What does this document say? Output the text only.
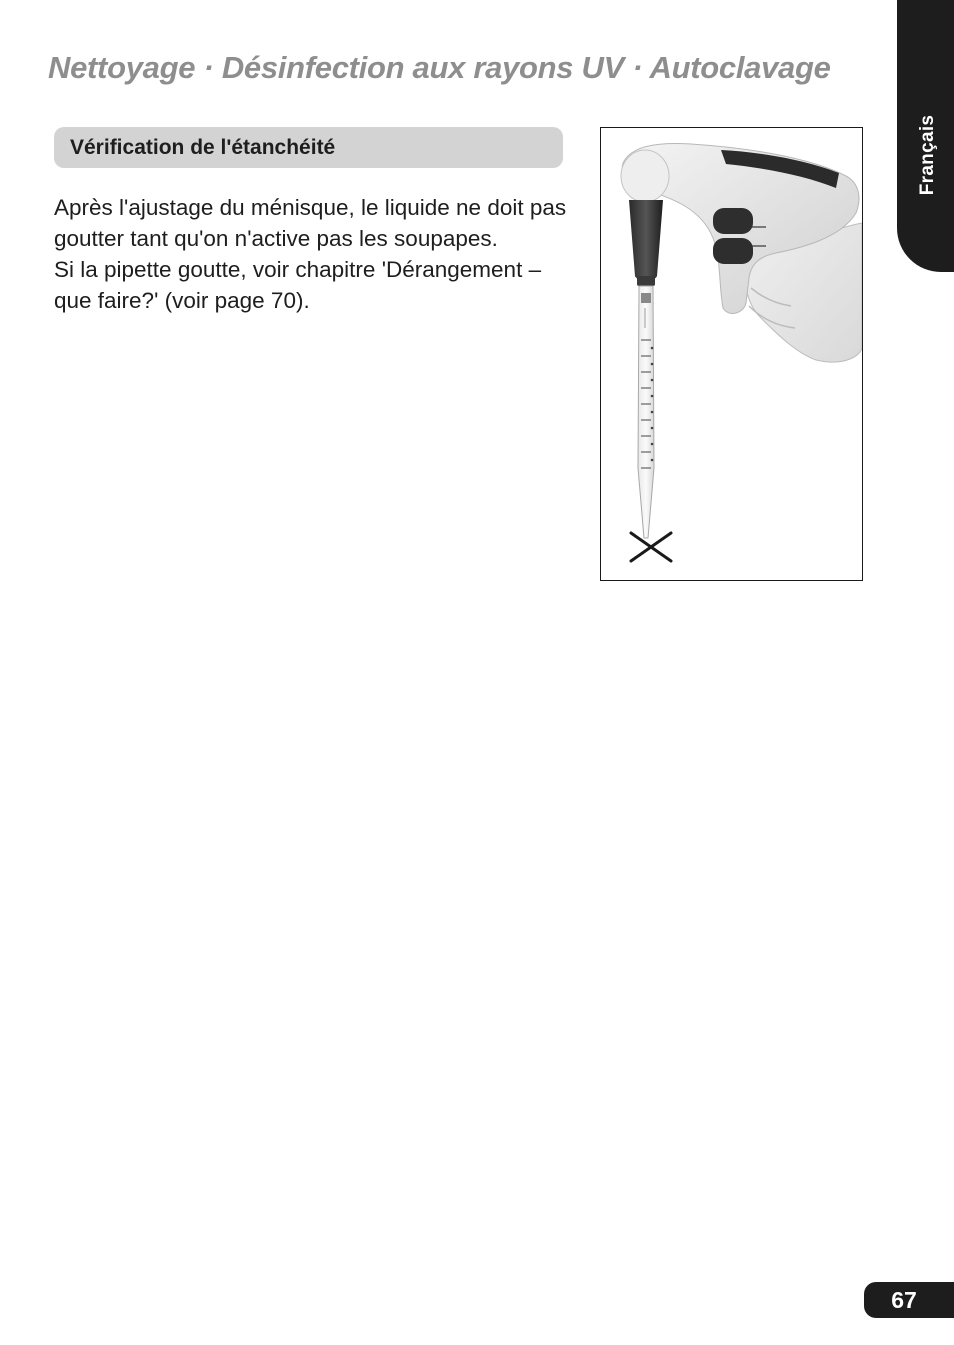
Nettoyage · Désinfection aux rayons UV · Autoclavage
Français
Vérification de l'étanchéité

Après l'ajustage du ménisque, le liquide ne doit pas goutter tant qu'on n'active pas les soupapes.

Si la pipette goutte, voir chapitre 'Dérangement – que faire?' (voir page 70).

67
